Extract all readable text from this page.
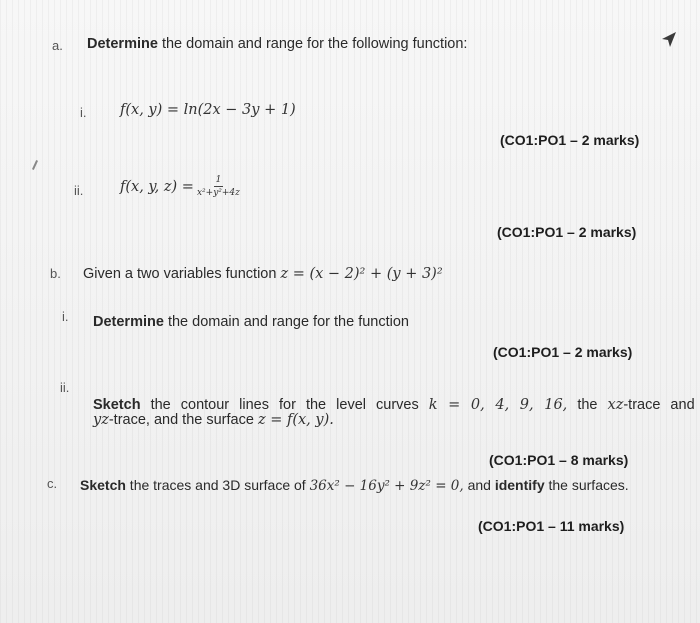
a. Determine the domain and range for the following function:
i. f(x, y) = ln(2x − 3y + 1)
(CO1:PO1 – 2 marks)
ii.	f(x, y, $z) = \frac{1}{\text{x²+y²+4z}}$
(CO1:PO1 – 2 marks)
b. Given a two variables function z = (x − 2)² + (y + 3)²
i. Determine the domain and range for the function
(CO1:PO1 – 2 marks)
ii.
Sketch the contour lines for the level curves k = 0, 4, 9, 16, the xz-trace and
yz-trace, and the surface z = f(x, y).
(CO1:PO1 – 8 marks)
c. Sketch the traces and 3D surface of 36x² − 16y² + 9z² = 0, and identify the surfaces.
(CO1:PO1 – 11 marks)
